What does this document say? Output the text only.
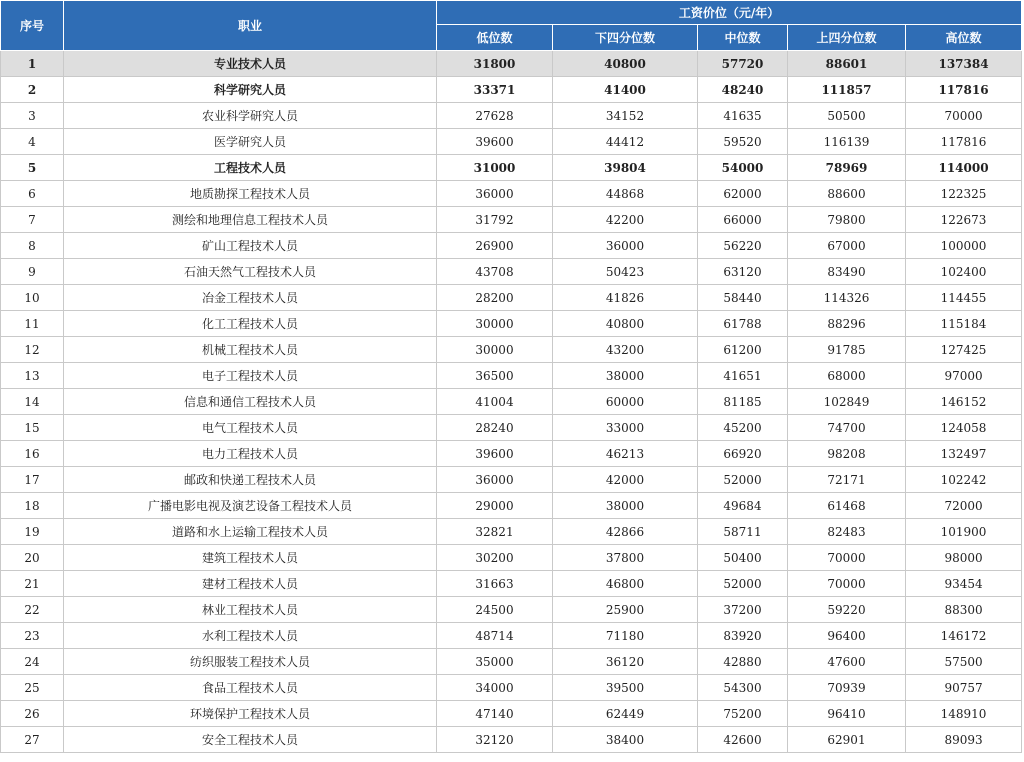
序号	职业	工资价位（元/年）				
		低位数	下四分位数	中位数	上四分位数	高位数
1	专业技术人员	31800	40800	57720	88601	137384
2	科学研究人员	33371	41400	48240	111857	117816
3	农业科学研究人员	27628	34152	41635	50500	70000
4	医学研究人员	39600	44412	59520	116139	117816
5	工程技术人员	31000	39804	54000	78969	114000
6	地质勘探工程技术人员	36000	44868	62000	88600	122325
7	测绘和地理信息工程技术人员	31792	42200	66000	79800	122673
8	矿山工程技术人员	26900	36000	56220	67000	100000
9	石油天然气工程技术人员	43708	50423	63120	83490	102400
10	冶金工程技术人员	28200	41826	58440	114326	114455
11	化工工程技术人员	30000	40800	61788	88296	115184
12	机械工程技术人员	30000	43200	61200	91785	127425
13	电子工程技术人员	36500	38000	41651	68000	97000
14	信息和通信工程技术人员	41004	60000	81185	102849	146152
15	电气工程技术人员	28240	33000	45200	74700	124058
16	电力工程技术人员	39600	46213	66920	98208	132497
17	邮政和快递工程技术人员	36000	42000	52000	72171	102242
18	广播电影电视及演艺设备工程技术人员	29000	38000	49684	61468	72000
19	道路和水上运输工程技术人员	32821	42866	58711	82483	101900
20	建筑工程技术人员	30200	37800	50400	70000	98000
21	建材工程技术人员	31663	46800	52000	70000	93454
22	林业工程技术人员	24500	25900	37200	59220	88300
23	水利工程技术人员	48714	71180	83920	96400	146172
24	纺织服装工程技术人员	35000	36120	42880	47600	57500
25	食品工程技术人员	34000	39500	54300	70939	90757
26	环境保护工程技术人员	47140	62449	75200	96410	148910
27	安全工程技术人员	32120	38400	42600	62901	89093
